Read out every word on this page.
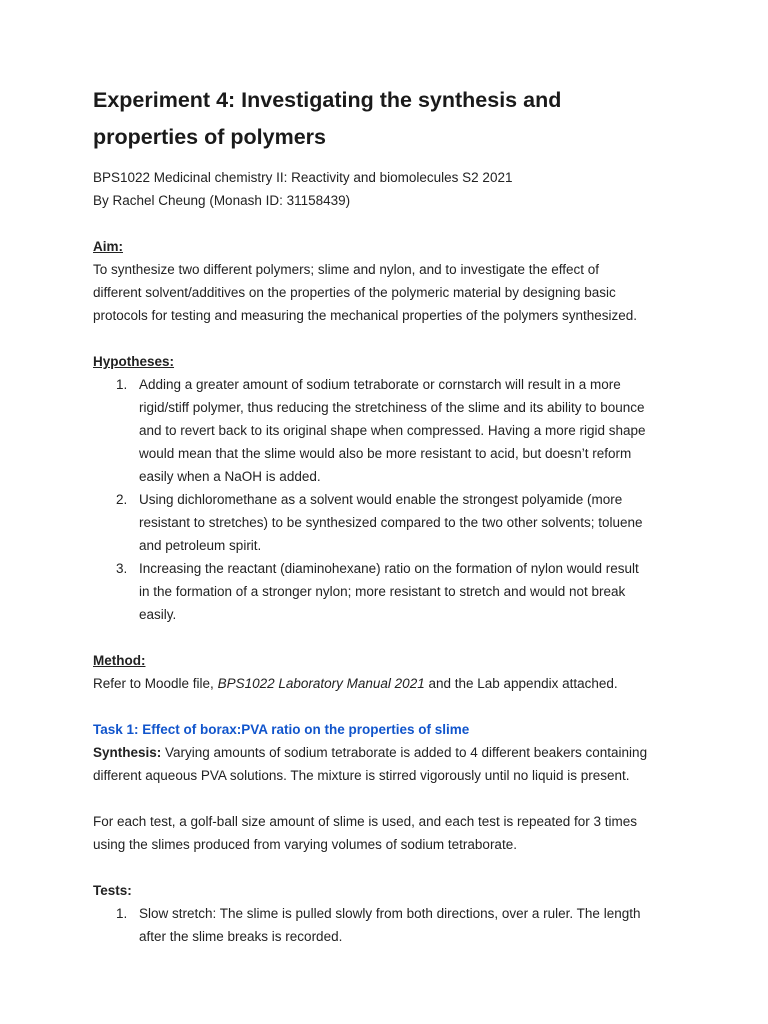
Experiment 4: Investigating the synthesis and
properties of polymers

BPS1022 Medicinal chemistry II: Reactivity and biomolecules S2 2021

By Rachel Cheung (Monash ID: 31158439)

Aim:

To synthesize two different polymers; slime and nylon, and to investigate the effect of

different solvent/additives on the properties of the polymeric material by designing basic

protocols for testing and measuring the mechanical properties of the polymers synthesized.

Hypotheses:

1. Adding a greater amount of sodium tetraborate or cornstarch will result in a more
rigid/stiff polymer, thus reducing the stretchiness of the slime and its ability to bounce
and to revert back to its original shape when compressed. Having a more rigid shape
would mean that the slime would also be more resistant to acid, but doesn’t reform
easily when a NaOH is added.
2. Using dichloromethane as a solvent would enable the strongest polyamide (more
resistant to stretches) to be synthesized compared to the two other solvents; toluene
and petroleum spirit.
3. Increasing the reactant (diaminohexane) ratio on the formation of nylon would result
in the formation of a stronger nylon; more resistant to stretch and would not break
easily.

Method:

Refer to Moodle file, BPS1022 Laboratory Manual 2021 and the Lab appendix attached.

Task 1: Effect of borax:PVA ratio on the properties of slime

Synthesis: Varying amounts of sodium tetraborate is added to 4 different beakers containing

different aqueous PVA solutions. The mixture is stirred vigorously until no liquid is present.

For each test, a golf-ball size amount of slime is used, and each test is repeated for 3 times

using the slimes produced from varying volumes of sodium tetraborate.

Tests:

1. Slow stretch: The slime is pulled slowly from both directions, over a ruler. The length
after the slime breaks is recorded.
